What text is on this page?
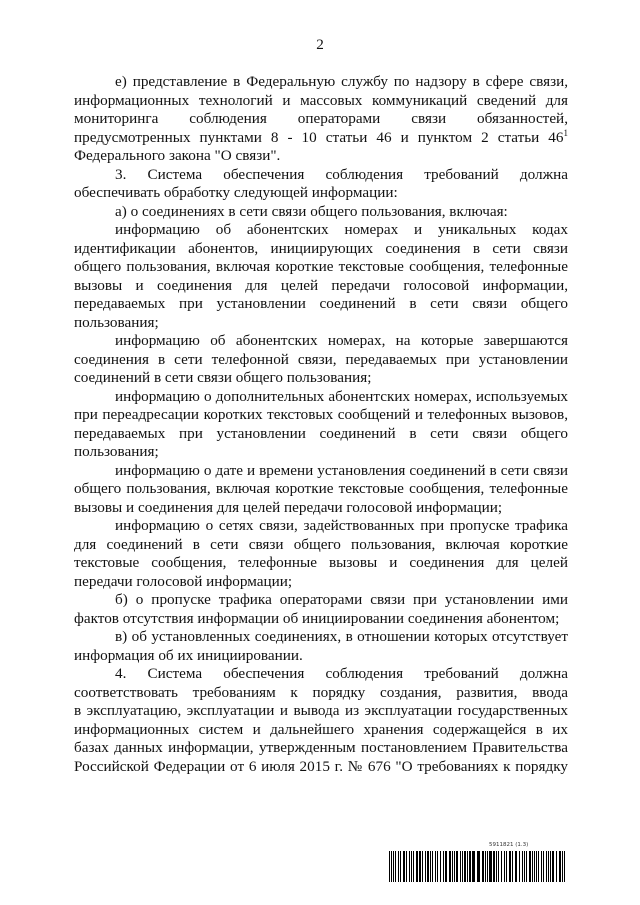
2
е) представление в Федеральную службу по надзору в сфере связи,
информационных технологий и массовых коммуникаций сведений для
мониторинга соблюдения операторами связи обязанностей,
предусмотренных пунктами 8 - 10 статьи 46 и пунктом 2 статьи $46^1$
Федерального закона "О связи".
3. Система обеспечения соблюдения требований должна
обеспечивать обработку следующей информации:
а) о соединениях в сети связи общего пользования, включая:
информацию об абонентских номерах и уникальных кодах
идентификации абонентов, инициирующих соединения в сети связи
общего пользования, включая короткие текстовые сообщения, телефонные
вызовы и соединения для целей передачи голосовой информации,
передаваемых при установлении соединений в сети связи общего
пользования;
информацию об абонентских номерах, на которые завершаются
соединения в сети телефонной связи, передаваемых при установлении
соединений в сети связи общего пользования;
информацию о дополнительных абонентских номерах, используемых
при переадресации коротких текстовых сообщений и телефонных вызовов,
передаваемых при установлении соединений в сети связи общего
пользования;
информацию о дате и времени установления соединений в сети связи
общего пользования, включая короткие текстовые сообщения, телефонные
вызовы и соединения для целей передачи голосовой информации;
информацию о сетях связи, задействованных при пропуске трафика
для соединений в сети связи общего пользования, включая короткие
текстовые сообщения, телефонные вызовы и соединения для целей
передачи голосовой информации;
б) о пропуске трафика операторами связи при установлении ими
фактов отсутствия информации об инициировании соединения абонентом;
в) об установленных соединениях, в отношении которых отсутствует
информация об их инициировании.
4. Система обеспечения соблюдения требований должна
соответствовать требованиям к порядку создания, развития, ввода
в эксплуатацию, эксплуатации и вывода из эксплуатации государственных
информационных систем и дальнейшего хранения содержащейся в их
базах данных информации, утвержденным постановлением Правительства
Российской Федерации от 6 июля 2015 г. № 676 "О требованиях к порядку
5911821 (1.3)
